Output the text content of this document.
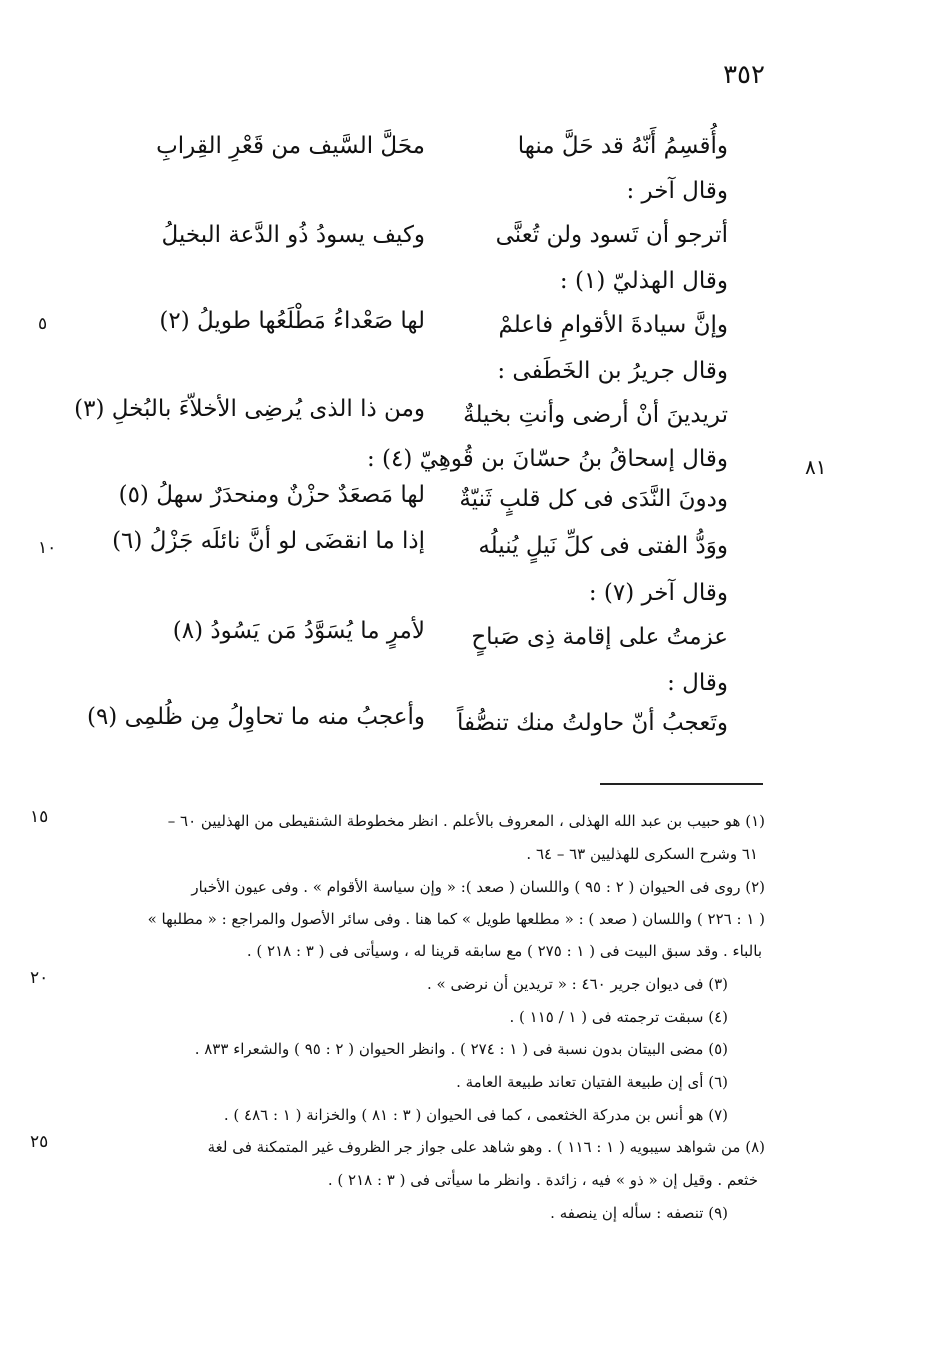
٣٥٢
٥
٨١
١٠
١٥
٢٠
٢٥
وأُقسِمُ أَنّهُ قد حَلَّ منها
محَلَّ السَّيف من قَعْرِ القِرابِ
وقال آخر :
أترجو أن تَسود ولن تُعنَّى
وكيف يسودُ ذُو الدَّعة البخيلُ
وقال الهذليّ (١) :
وإنَّ سيادةَ الأقوامِ فاعلمْ
لها صَعْداءُ مَطْلَعُها طويلُ (٢)
وقال جريرُ بن الخَطَفى :
تريدينَ أنْ أرضى وأنتِ بخيلةٌ
ومن ذا الذى يُرضِى الأخلاّءَ بالبُخلِ (٣)
وقال إسحاقُ بنُ حسّانَ بن قُوهِيّ (٤) :
ودونَ النَّدَى فى كل قلبٍ ثَنيّةٌ
لها مَصعَدٌ حزْنٌ ومنحدَرٌ سهلُ (٥)
ووَدُّ الفتى فى كلِّ نَيلٍ يُنيلُه
إذا ما انقضَى لو أنَّ نائلَه جَزْلُ (٦)
وقال آخر (٧) :
عزمتُ على إقامة ذِى صَباحٍ
لأمرٍ ما يُسَوَّدُ مَن يَسُودُ (٨)
وقال :
وتَعجبُ أنّ حاولتُ منك تنصُّفاً
وأعجبُ منه ما تحاوِلُ مِن ظُلمِى (٩)
(١) هو حبيب بن عبد الله الهذلى ، المعروف بالأعلم . انظر مخطوطة الشنقيطى من الهذليين ٦٠ –
٦١ وشرح السكرى للهذليين ٦٣ – ٦٤ .
(٢) روى فى الحيوان ( ٢ : ٩٥ ) واللسان ( صعد ): « وإن سياسة الأقوام » . وفى عيون الأخبار
( ١ : ٢٢٦ ) واللسان ( صعد ) : « مطلعها طويل » كما هنا . وفى سائر الأصول والمراجع : « مطلبها »
بالباء . وقد سبق البيت فى ( ١ : ٢٧٥ ) مع سابقه قرينا له ، وسيأتى فى ( ٣ : ٢١٨ ) .
(٣) فى ديوان جرير ٤٦٠ : « تريدين أن نرضى » .
(٤) سبقت ترجمته فى ( ١ / ١١٥ ) .
(٥) مضى البيتان بدون نسبة فى ( ١ : ٢٧٤ ) . وانظر الحيوان ( ٢ : ٩٥ ) والشعراء ٨٣٣ .
(٦) أى إن طبيعة الفتيان تعاند طبيعة العامة .
(٧) هو أنس بن مدركة الخثعمى ، كما فى الحيوان ( ٣ : ٨١ ) والخزانة ( ١ : ٤٨٦ ) .
(٨) من شواهد سيبويه ( ١ : ١١٦ ) . وهو شاهد على جواز جر الظروف غير المتمكنة فى لغة
خثعم . وقيل إن « ذو » فيه ، زائدة . وانظر ما سيأتى فى ( ٣ : ٢١٨ ) .
(٩) تنصفه : سأله إن ينصفه .
